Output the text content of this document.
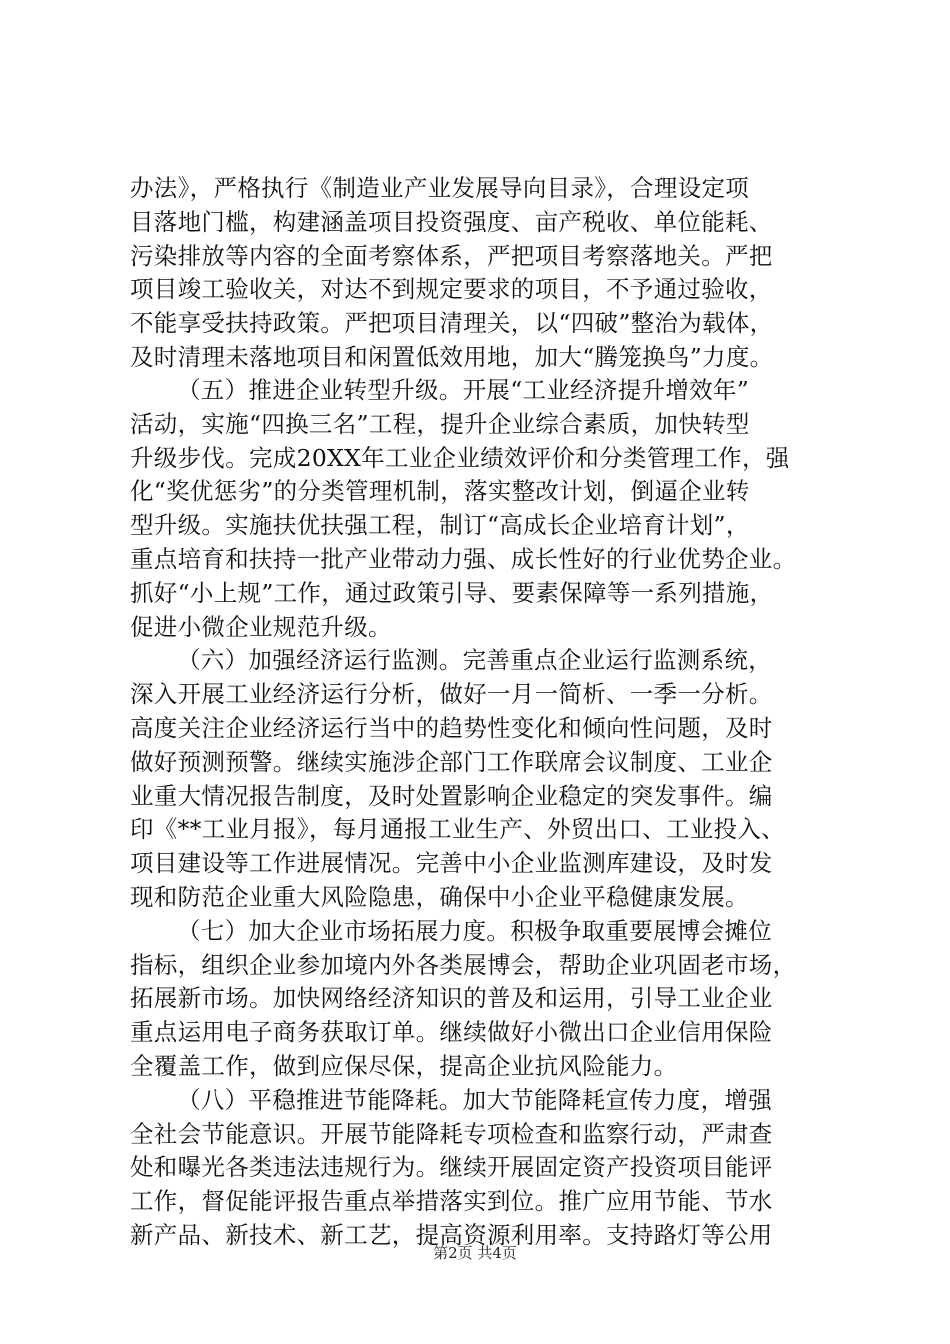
办法》，严格执行《制造业产业发展导向目录》，合理设定项
目落地门槛，构建涵盖项目投资强度、亩产税收、单位能耗、
污染排放等内容的全面考察体系，严把项目考察落地关。严把
项目竣工验收关，对达不到规定要求的项目，不予通过验收，
不能享受扶持政策。严把项目清理关，以“四破”整治为载体，
及时清理未落地项目和闲置低效用地，加大“腾笼换鸟”力度。
（五）推进企业转型升级。开展“工业经济提升增效年”
活动，实施“四换三名”工程，提升企业综合素质，加快转型
升级步伐。完成20XX年工业企业绩效评价和分类管理工作，强
化“奖优惩劣”的分类管理机制，落实整改计划，倒逼企业转
型升级。实施扶优扶强工程，制订“高成长企业培育计划”，
重点培育和扶持一批产业带动力强、成长性好的行业优势企业。
抓好“小上规”工作，通过政策引导、要素保障等一系列措施，
促进小微企业规范升级。
（六）加强经济运行监测。完善重点企业运行监测系统，
深入开展工业经济运行分析，做好一月一简析、一季一分析。
高度关注企业经济运行当中的趋势性变化和倾向性问题，及时
做好预测预警。继续实施涉企部门工作联席会议制度、工业企
业重大情况报告制度，及时处置影响企业稳定的突发事件。编
印《**工业月报》，每月通报工业生产、外贸出口、工业投入、
项目建设等工作进展情况。完善中小企业监测库建设，及时发
现和防范企业重大风险隐患，确保中小企业平稳健康发展。
（七）加大企业市场拓展力度。积极争取重要展博会摊位
指标，组织企业参加境内外各类展博会，帮助企业巩固老市场，
拓展新市场。加快网络经济知识的普及和运用，引导工业企业
重点运用电子商务获取订单。继续做好小微出口企业信用保险
全覆盖工作，做到应保尽保，提高企业抗风险能力。
（八）平稳推进节能降耗。加大节能降耗宣传力度，增强
全社会节能意识。开展节能降耗专项检查和监察行动，严肃查
处和曝光各类违法违规行为。继续开展固定资产投资项目能评
工作，督促能评报告重点举措落实到位。推广应用节能、节水
新产品、新技术、新工艺，提高资源利用率。支持路灯等公用
第2页 共4页
